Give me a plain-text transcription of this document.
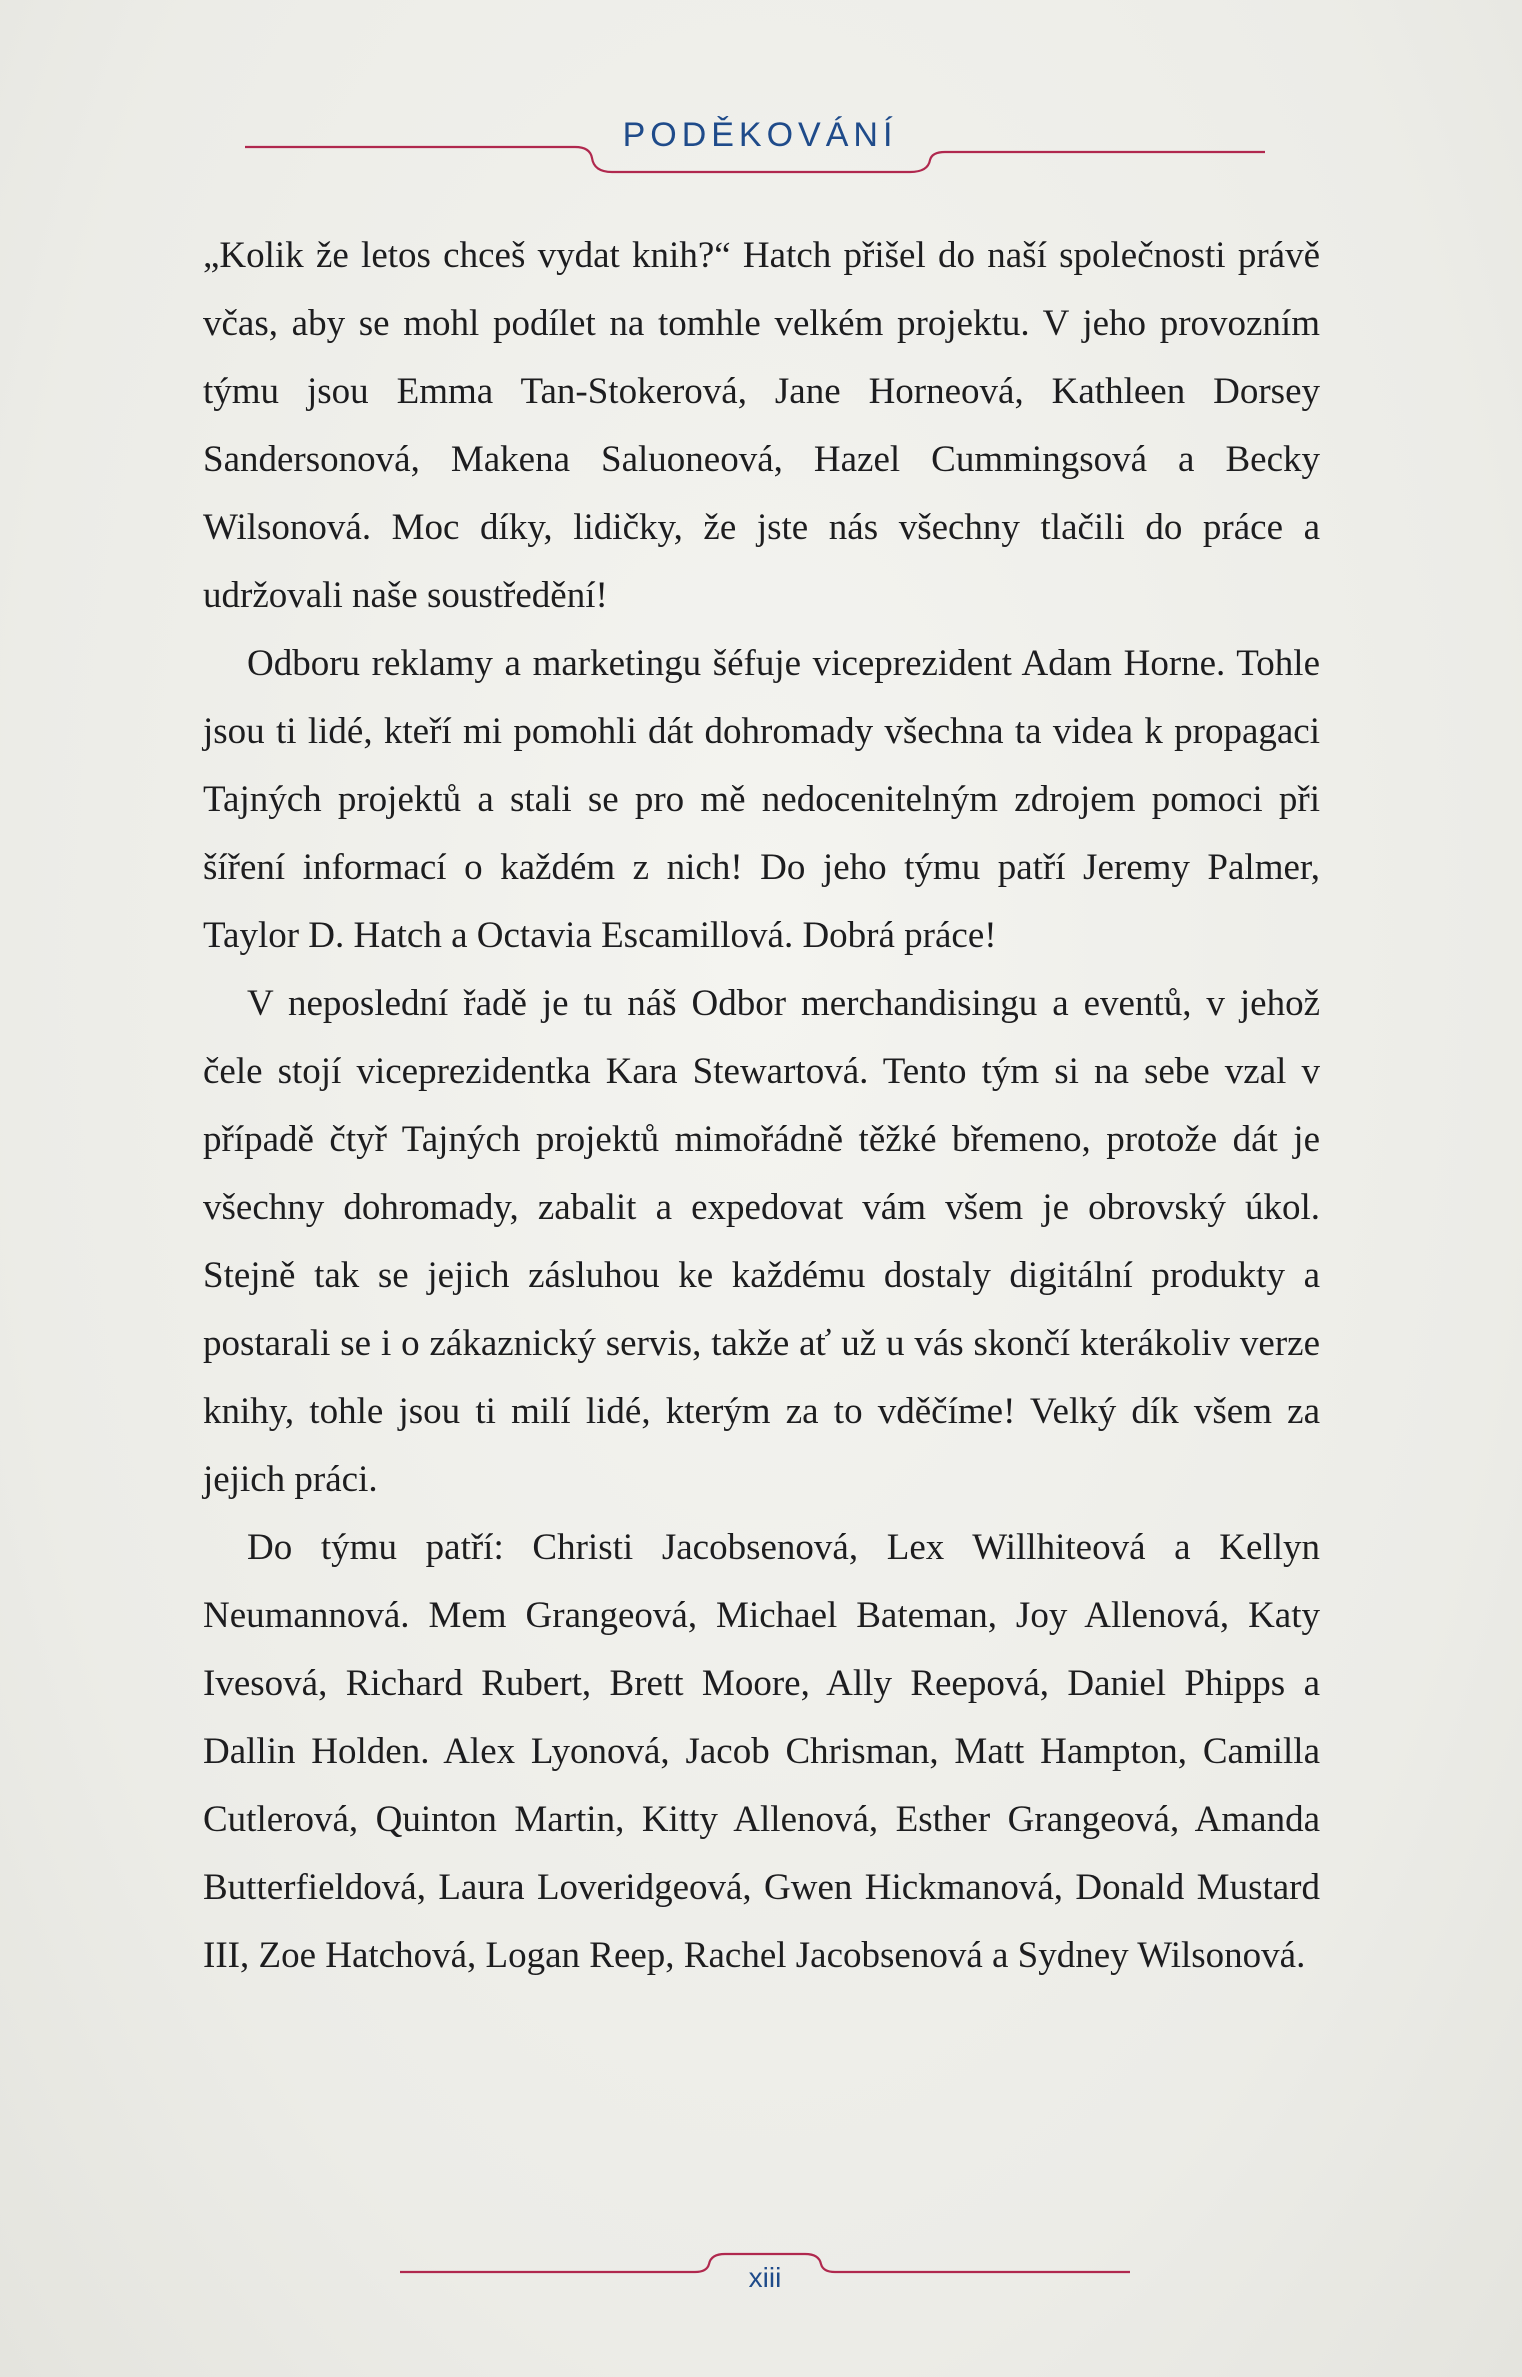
PODĚKOVÁNÍ

„Kolik že letos chceš vydat knih?“ Hatch přišel do naší společnosti právě včas, aby se mohl podílet na tomhle velkém projektu. V jeho provozním týmu jsou Emma Tan-Stokerová, Jane Horneová, Kathleen Dorsey Sandersonová, Makena Saluoneová, Hazel Cummingsová a Becky Wilsonová. Moc díky, lidičky, že jste nás všechny tlačili do práce a udržovali naše soustředění!

Odboru reklamy a marketingu šéfuje viceprezident Adam Horne. Tohle jsou ti lidé, kteří mi pomohli dát dohromady všechna ta videa k propagaci Tajných projektů a stali se pro mě nedocenitelným zdrojem pomoci při šíření informací o každém z nich! Do jeho týmu patří Jeremy Palmer, Taylor D. Hatch a Octavia Escamillová. Dobrá práce!

V neposlední řadě je tu náš Odbor merchandisingu a eventů, v jehož čele stojí viceprezidentka Kara Stewartová. Tento tým si na sebe vzal v případě čtyř Tajných projektů mimořádně těžké břemeno, protože dát je všechny dohromady, zabalit a expedovat vám všem je obrovský úkol. Stejně tak se jejich zásluhou ke každému dostaly digitální produkty a postarali se i o zákaznický servis, takže ať už u vás skončí kterákoliv verze knihy, tohle jsou ti milí lidé, kterým za to vděčíme! Velký dík všem za jejich práci.

Do týmu patří: Christi Jacobsenová, Lex Willhiteová a Kellyn Neumannová. Mem Grangeová, Michael Bateman, Joy Allenová, Katy Ivesová, Richard Rubert, Brett Moore, Ally Reepová, Daniel Phipps a Dallin Holden. Alex Lyonová, Jacob Chrisman, Matt Hampton, Camilla Cutlerová, Quinton Martin, Kitty Allenová, Esther Grangeová, Amanda Butterfieldová, Laura Loveridgeová, Gwen Hickmanová, Donald Mustard III, Zoe Hatchová, Logan Reep, Rachel Jacobsenová a Sydney Wilsonová.

xiii
